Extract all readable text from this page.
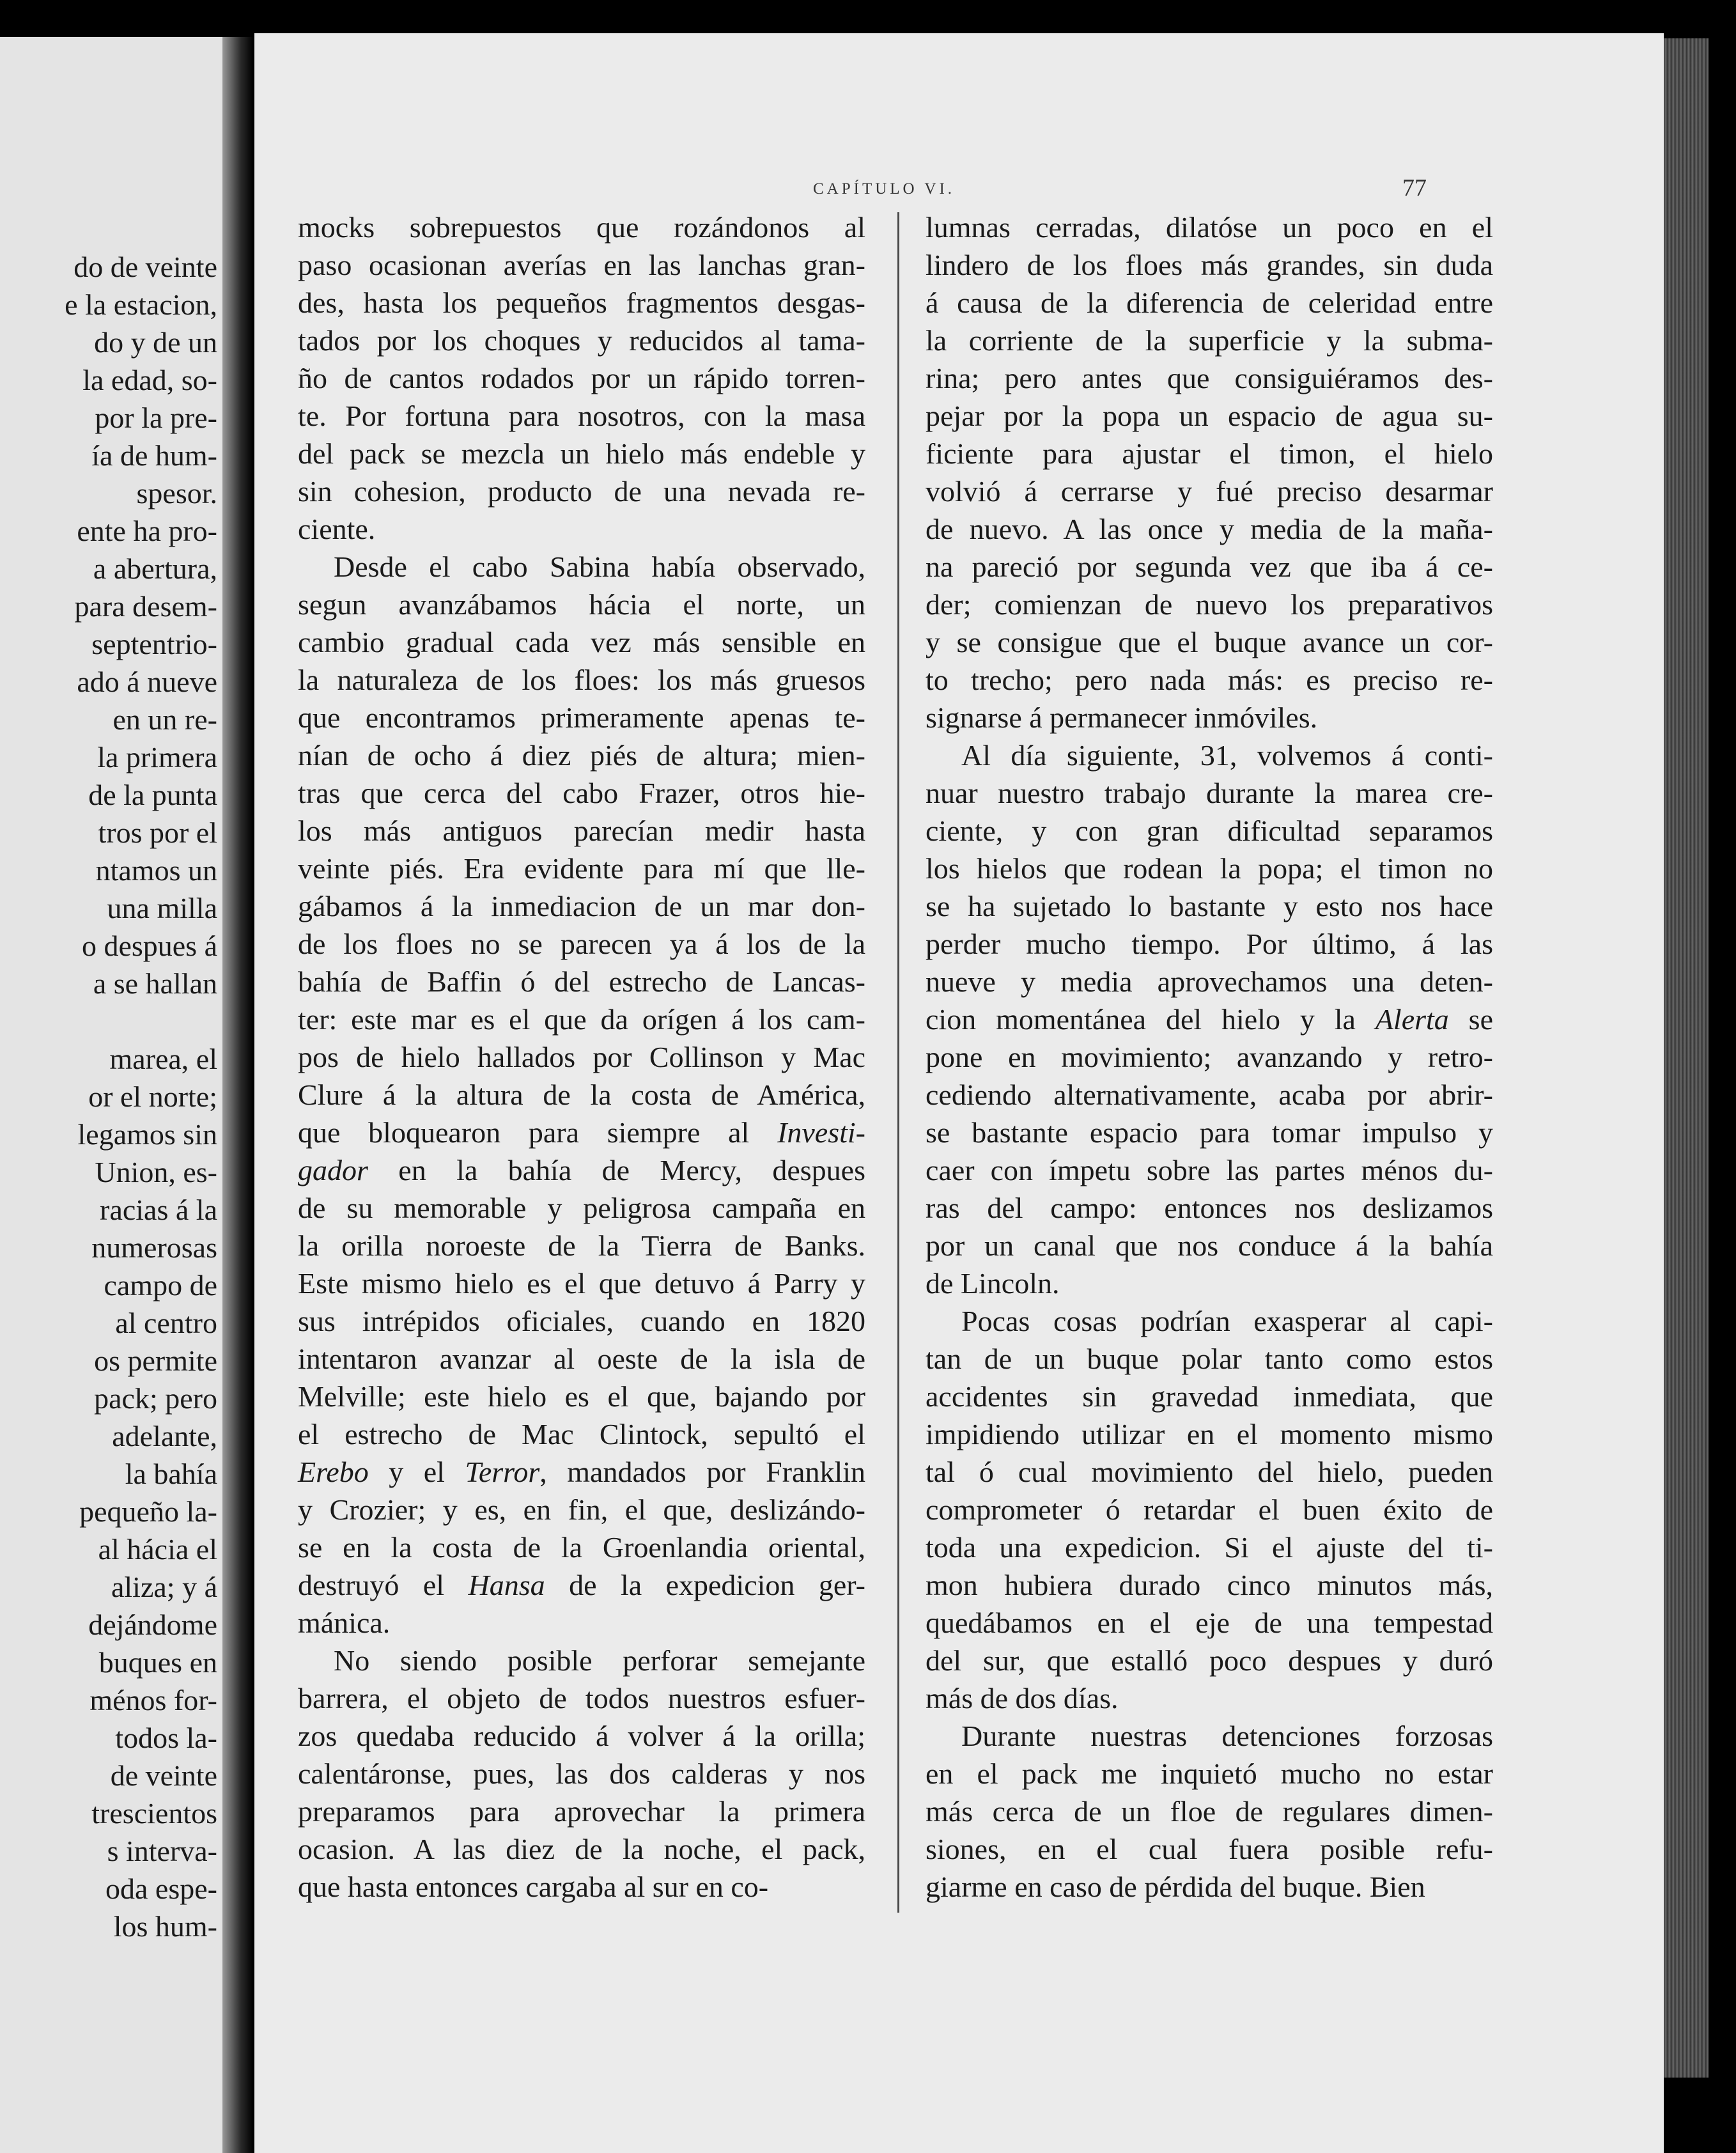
do de veinte
e la estacion,
do y de un
la edad, so-
por la pre-
ía de hum-
spesor.
ente ha pro-
a abertura,
para desem-
septentrio-
ado á nueve
en un re-
la primera
de la punta
tros por el
ntamos un
una milla
o despues á
a se hallan
marea, el
or el norte;
legamos sin
Union, es-
racias á la
numerosas
campo de
al centro
os permite
pack; pero
adelante,
la bahía
pequeño la-
al hácia el
aliza; y á
dejándome
buques en
ménos for-
todos la-
de veinte
trescientos
s interva-
oda espe-
los hum-
CAPÍTULO VI.	77
mocks sobrepuestos que rozándonos al
paso ocasionan averías en las lanchas gran-
des, hasta los pequeños fragmentos desgas-
tados por los choques y reducidos al tama-
ño de cantos rodados por un rápido torren-
te. Por fortuna para nosotros, con la masa
del pack se mezcla un hielo más endeble y
sin cohesion, producto de una nevada re-
ciente.
Desde el cabo Sabina había observado,
segun avanzábamos hácia el norte, un
cambio gradual cada vez más sensible en
la naturaleza de los floes: los más gruesos
que encontramos primeramente apenas te-
nían de ocho á diez piés de altura; mien-
tras que cerca del cabo Frazer, otros hie-
los más antiguos parecían medir hasta
veinte piés. Era evidente para mí que lle-
gábamos á la inmediacion de un mar don-
de los floes no se parecen ya á los de la
bahía de Baffin ó del estrecho de Lancas-
ter: este mar es el que da orígen á los cam-
pos de hielo hallados por Collinson y Mac
Clure á la altura de la costa de América,
que bloquearon para siempre al Investi-
gador en la bahía de Mercy, despues
de su memorable y peligrosa campaña en
la orilla noroeste de la Tierra de Banks.
Este mismo hielo es el que detuvo á Parry y
sus intrépidos oficiales, cuando en 1820
intentaron avanzar al oeste de la isla de
Melville; este hielo es el que, bajando por
el estrecho de Mac Clintock, sepultó el
Erebo y el Terror, mandados por Franklin
y Crozier; y es, en fin, el que, deslizándo-
se en la costa de la Groenlandia oriental,
destruyó el Hansa de la expedicion ger-
mánica.
No siendo posible perforar semejante
barrera, el objeto de todos nuestros esfuer-
zos quedaba reducido á volver á la orilla;
calentáronse, pues, las dos calderas y nos
preparamos para aprovechar la primera
ocasion. A las diez de la noche, el pack,
que hasta entonces cargaba al sur en co-
lumnas cerradas, dilatóse un poco en el
lindero de los floes más grandes, sin duda
á causa de la diferencia de celeridad entre
la corriente de la superficie y la subma-
rina; pero antes que consiguiéramos des-
pejar por la popa un espacio de agua su-
ficiente para ajustar el timon, el hielo
volvió á cerrarse y fué preciso desarmar
de nuevo. A las once y media de la maña-
na pareció por segunda vez que iba á ce-
der; comienzan de nuevo los preparativos
y se consigue que el buque avance un cor-
to trecho; pero nada más: es preciso re-
signarse á permanecer inmóviles.
Al día siguiente, 31, volvemos á conti-
nuar nuestro trabajo durante la marea cre-
ciente, y con gran dificultad separamos
los hielos que rodean la popa; el timon no
se ha sujetado lo bastante y esto nos hace
perder mucho tiempo. Por último, á las
nueve y media aprovechamos una deten-
cion momentánea del hielo y la Alerta se
pone en movimiento; avanzando y retro-
cediendo alternativamente, acaba por abrir-
se bastante espacio para tomar impulso y
caer con ímpetu sobre las partes ménos du-
ras del campo: entonces nos deslizamos
por un canal que nos conduce á la bahía
de Lincoln.
Pocas cosas podrían exasperar al capi-
tan de un buque polar tanto como estos
accidentes sin gravedad inmediata, que
impidiendo utilizar en el momento mismo
tal ó cual movimiento del hielo, pueden
comprometer ó retardar el buen éxito de
toda una expedicion. Si el ajuste del ti-
mon hubiera durado cinco minutos más,
quedábamos en el eje de una tempestad
del sur, que estalló poco despues y duró
más de dos días.
Durante nuestras detenciones forzosas
en el pack me inquietó mucho no estar
más cerca de un floe de regulares dimen-
siones, en el cual fuera posible refu-
giarme en caso de pérdida del buque. Bien
